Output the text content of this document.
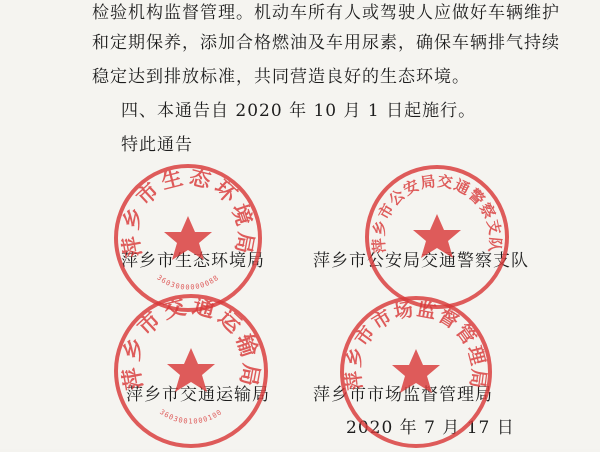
检验机构监督管理。机动车所有人或驾驶人应做好车辆维护
和定期保养，添加合格燃油及车用尿素，确保车辆排气持续
稳定达到排放标准，共同营造良好的生态环境。
四、本通告自 2020 年 10 月 1 日起施行。
特此通告
萍乡市生态环境局
3603000000088
萍乡市公安局交通警察支队
萍乡市交通运输局
3603001000100
萍乡市市场监督管理局
萍乡市生态环境局	萍乡市公安局交通警察支队
萍乡市交通运输局	萍乡市市场监督管理局
2020 年 7 月 17 日
